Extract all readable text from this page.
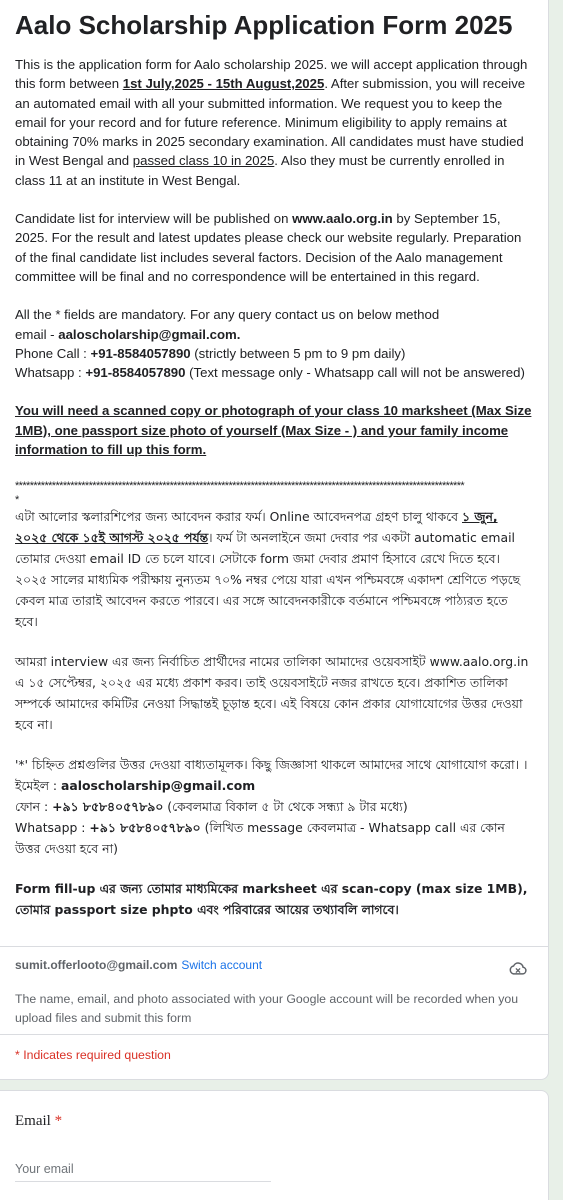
Aalo Scholarship Application Form 2025

This is the application form for Aalo scholarship 2025. we will accept application through this form between 1st July,2025 - 15th August,2025. After submission, you will receive an automated email with all your submitted information. We request you to keep the email for your record and for future reference. Minimum eligibility to apply remains at obtaining 70% marks in 2025 secondary examination. All candidates must have studied in West Bengal and passed class 10 in 2025. Also they must be currently enrolled in class 11 at an institute in West Bengal.

Candidate list for interview will be published on www.aalo.org.in by September 15, 2025. For the result and latest updates please check our website regularly. Preparation of the final candidate list includes several factors. Decision of the Aalo management committee will be final and no correspondence will be entertained in this regard.

All the * fields are mandatory. For any query contact us on below method
email - aaloscholarship@gmail.com.
Phone Call : +91-8584057890 (strictly between 5 pm to 9 pm daily)
Whatsapp : +91-8584057890 (Text message only - Whatsapp call will not be answered)

You will need a scanned copy or photograph of your class 10 marksheet (Max Size 1MB), one passport size photo of yourself (Max Size - ) and your family income information to fill up this form.

**************************************************************************************************************************
*

এটা আলোর স্কলারশিপের জন্য আবেদন করার ফর্ম। Online আবেদনপত্র গ্রহণ চালু থাকবে ১ জুন, ২০২৫ থেকে ১৫ই আগস্ট ২০২৫ পর্যন্ত। ফর্ম টা অনলাইনে জমা দেবার পর একটা automatic email তোমার দেওয়া email ID তে চলে যাবে। সেটাকে form জমা দেবার প্রমাণ হিসাবে রেখে দিতে হবে। ২০২৫ সালের মাধ্যমিক পরীক্ষায় নুন্যতম ৭০% নম্বর পেয়ে যারা এখন পশ্চিমবঙ্গে একাদশ শ্রেণিতে পড়ছে কেবল মাত্র তারাই আবেদন করতে পারবে। এর সঙ্গে আবেদনকারীকে বর্তমানে পশ্চিমবঙ্গে পাঠ্যরত হতে হবে।

আমরা interview এর জন্য নির্বাচিত প্রার্থীদের নামের তালিকা আমাদের ওয়েবসাইট www.aalo.org.in এ ১৫ সেপ্টেম্বর, ২০২৫ এর মধ্যে প্রকাশ করব। তাই ওয়েবসাইটে নজর রাখতে হবে। প্রকাশিত তালিকা সম্পর্কে আমাদের কমিটির নেওয়া সিদ্ধান্তই চূড়ান্ত হবে। এই বিষয়ে কোন প্রকার যোগাযোগের উত্তর দেওয়া হবে না।

'*' চিহ্নিত প্রশ্নগুলির উত্তর দেওয়া বাধ্যতামূলক। কিছু জিজ্ঞাসা থাকলে আমাদের সাথে যোগাযোগ করো। ।
ইমেইল : aaloscholarship@gmail.com
ফোন : +৯১ ৮৫৮৪০৫৭৮৯০ (কেবলমাত্র বিকাল ৫ টা থেকে সন্ধ্যা ৯ টার মধ্যে)
Whatsapp : +৯১ ৮৫৮৪০৫৭৮৯০ (লিখিত message কেবলমাত্র - Whatsapp call এর কোন উত্তর দেওয়া হবে না)

Form fill-up এর জন্য তোমার মাধ্যমিকের marksheet এর scan-copy (max size 1MB), তোমার passport size phpto এবং পরিবারের আয়ের তথ্যাবলি লাগবে।

sumit.offerlooto@gmail.com Switch account
The name, email, and photo associated with your Google account will be recorded when you upload files and submit this form
* Indicates required question

Email *

Your email
